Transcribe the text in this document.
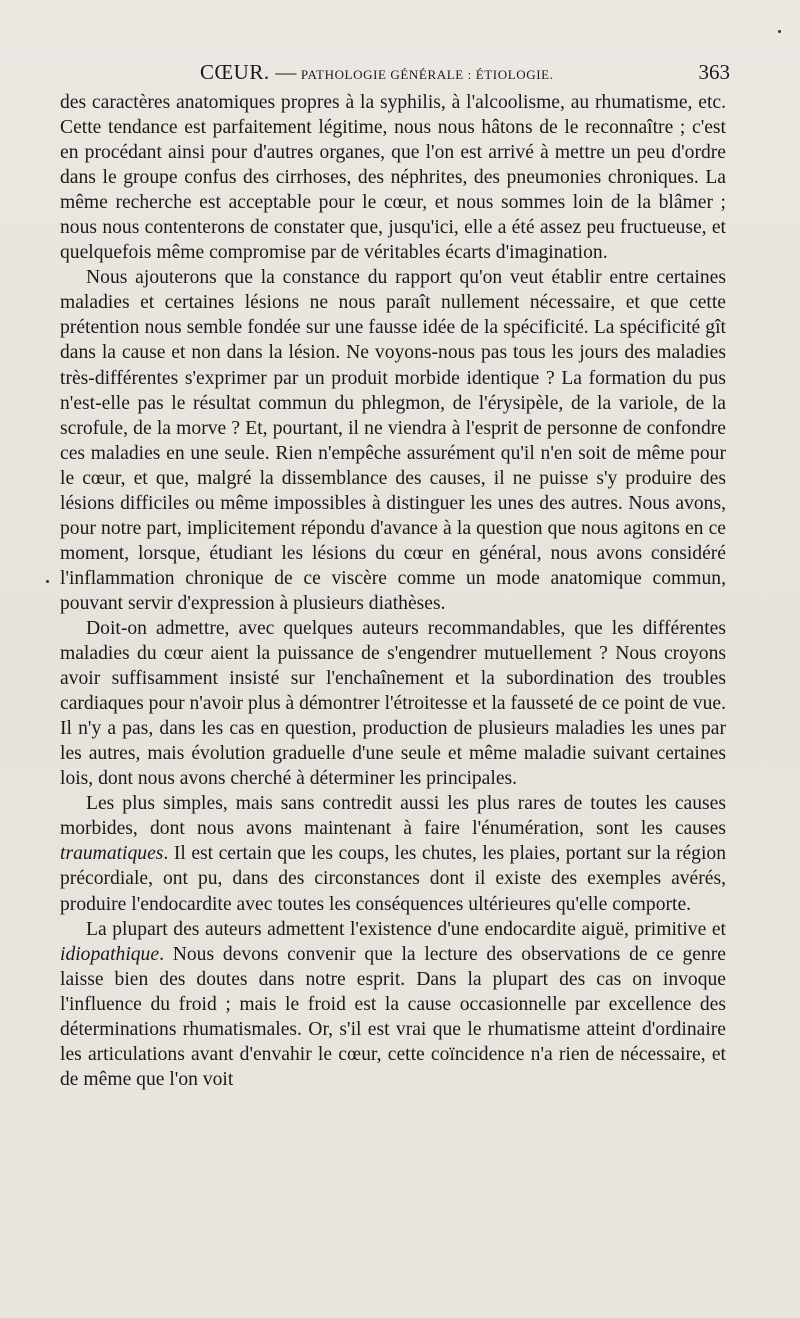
CŒUR. — PATHOLOGIE GÉNÉRALE : ÉTIOLOGIE.	363

des caractères anatomiques propres à la syphilis, à l'alcoolisme, au rhumatisme, etc. Cette tendance est parfaitement légitime, nous nous hâtons de le reconnaître ; c'est en procédant ainsi pour d'autres organes, que l'on est arrivé à mettre un peu d'ordre dans le groupe confus des cirrhoses, des néphrites, des pneumonies chroniques. La même recherche est acceptable pour le cœur, et nous sommes loin de la blâmer ; nous nous contenterons de constater que, jusqu'ici, elle a été assez peu fructueuse, et quelquefois même compromise par de véritables écarts d'imagination.

Nous ajouterons que la constance du rapport qu'on veut établir entre certaines maladies et certaines lésions ne nous paraît nullement nécessaire, et que cette prétention nous semble fondée sur une fausse idée de la spécificité. La spécificité gît dans la cause et non dans la lésion. Ne voyons-nous pas tous les jours des maladies très-différentes s'exprimer par un produit morbide identique ? La formation du pus n'est-elle pas le résultat commun du phlegmon, de l'érysipèle, de la variole, de la scrofule, de la morve ? Et, pourtant, il ne viendra à l'esprit de personne de confondre ces maladies en une seule. Rien n'empêche assurément qu'il n'en soit de même pour le cœur, et que, malgré la dissemblance des causes, il ne puisse s'y produire des lésions difficiles ou même impossibles à distinguer les unes des autres. Nous avons, pour notre part, implicitement répondu d'avance à la question que nous agitons en ce moment, lorsque, étudiant les lésions du cœur en général, nous avons considéré l'inflammation chronique de ce viscère comme un mode anatomique commun, pouvant servir d'expression à plusieurs diathèses.

Doit-on admettre, avec quelques auteurs recommandables, que les différentes maladies du cœur aient la puissance de s'engendrer mutuellement ? Nous croyons avoir suffisamment insisté sur l'enchaînement et la subordination des troubles cardiaques pour n'avoir plus à démontrer l'étroitesse et la fausseté de ce point de vue. Il n'y a pas, dans les cas en question, production de plusieurs maladies les unes par les autres, mais évolution graduelle d'une seule et même maladie suivant certaines lois, dont nous avons cherché à déterminer les principales.

Les plus simples, mais sans contredit aussi les plus rares de toutes les causes morbides, dont nous avons maintenant à faire l'énumération, sont les causes traumatiques. Il est certain que les coups, les chutes, les plaies, portant sur la région précordiale, ont pu, dans des circonstances dont il existe des exemples avérés, produire l'endocardite avec toutes les conséquences ultérieures qu'elle comporte.

La plupart des auteurs admettent l'existence d'une endocardite aiguë, primitive et idiopathique. Nous devons convenir que la lecture des observations de ce genre laisse bien des doutes dans notre esprit. Dans la plupart des cas on invoque l'influence du froid ; mais le froid est la cause occasionnelle par excellence des déterminations rhumatismales. Or, s'il est vrai que le rhumatisme atteint d'ordinaire les articulations avant d'envahir le cœur, cette coïncidence n'a rien de nécessaire, et de même que l'on voit
